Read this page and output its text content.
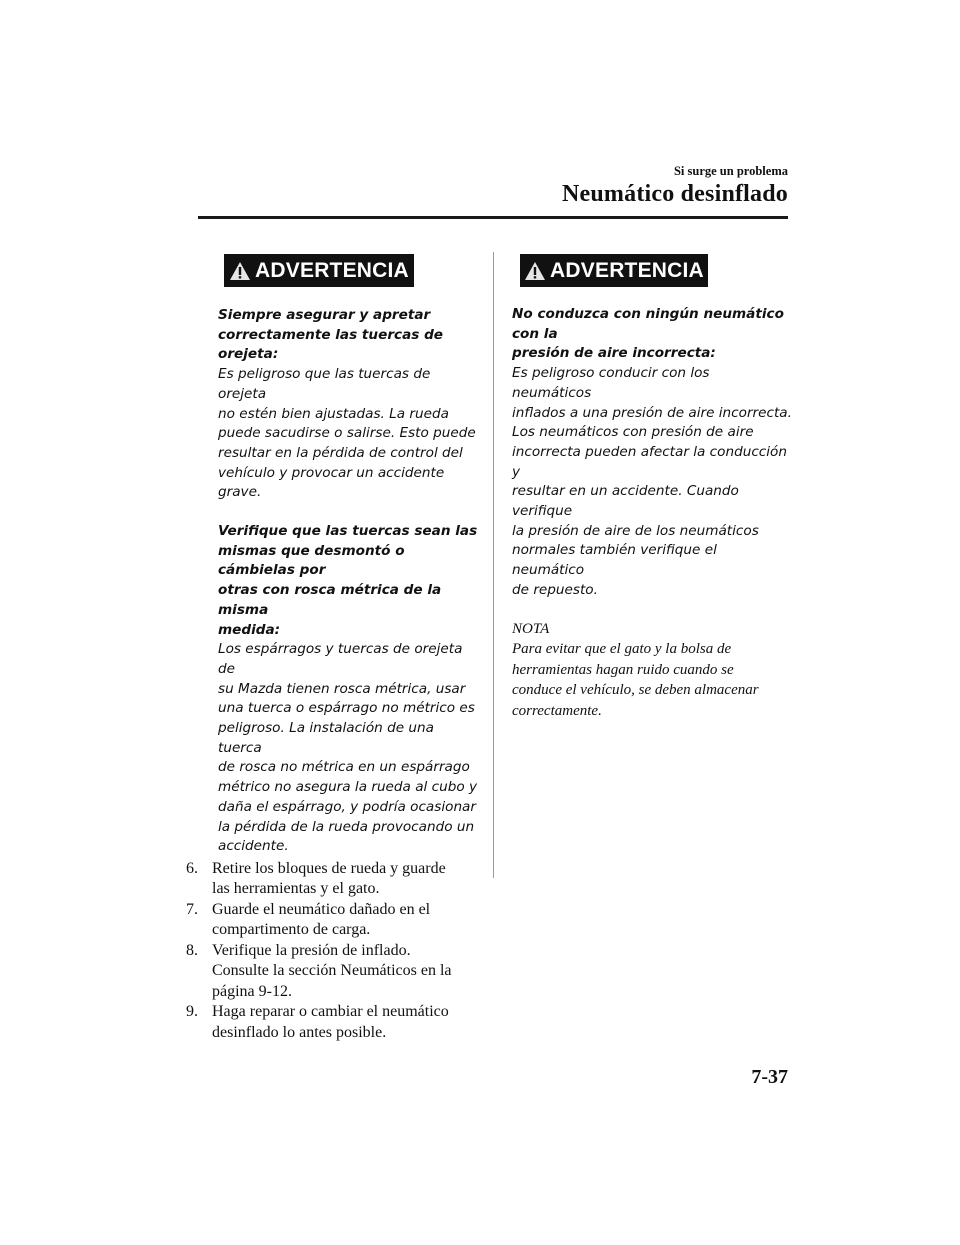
Si surge un problema
Neumático desinflado
ADVERTENCIA
Siempre asegurar y apretar
correctamente las tuercas de orejeta:
Es peligroso que las tuercas de orejeta
no estén bien ajustadas. La rueda
puede sacudirse o salirse. Esto puede
resultar en la pérdida de control del
vehículo y provocar un accidente grave.
Verifique que las tuercas sean las
mismas que desmontó o cámbielas por
otras con rosca métrica de la misma
medida:
Los espárragos y tuercas de orejeta de
su Mazda tienen rosca métrica, usar
una tuerca o espárrago no métrico es
peligroso. La instalación de una tuerca
de rosca no métrica en un espárrago
métrico no asegura la rueda al cubo y
daña el espárrago, y podría ocasionar
la pérdida de la rueda provocando un
accidente.
6. Retire los bloques de rueda y guarde
las herramientas y el gato.
7. Guarde el neumático dañado en el
compartimento de carga.
8. Verifique la presión de inflado.
Consulte la sección Neumáticos en la
página 9-12.
9. Haga reparar o cambiar el neumático
desinflado lo antes posible.
ADVERTENCIA
No conduzca con ningún neumático con la
presión de aire incorrecta:
Es peligroso conducir con los neumáticos
inflados a una presión de aire incorrecta.
Los neumáticos con presión de aire
incorrecta pueden afectar la conducción y
resultar en un accidente. Cuando verifique
la presión de aire de los neumáticos
normales también verifique el neumático
de repuesto.
NOTA
Para evitar que el gato y la bolsa de
herramientas hagan ruido cuando se
conduce el vehículo, se deben almacenar
correctamente.
7-37
